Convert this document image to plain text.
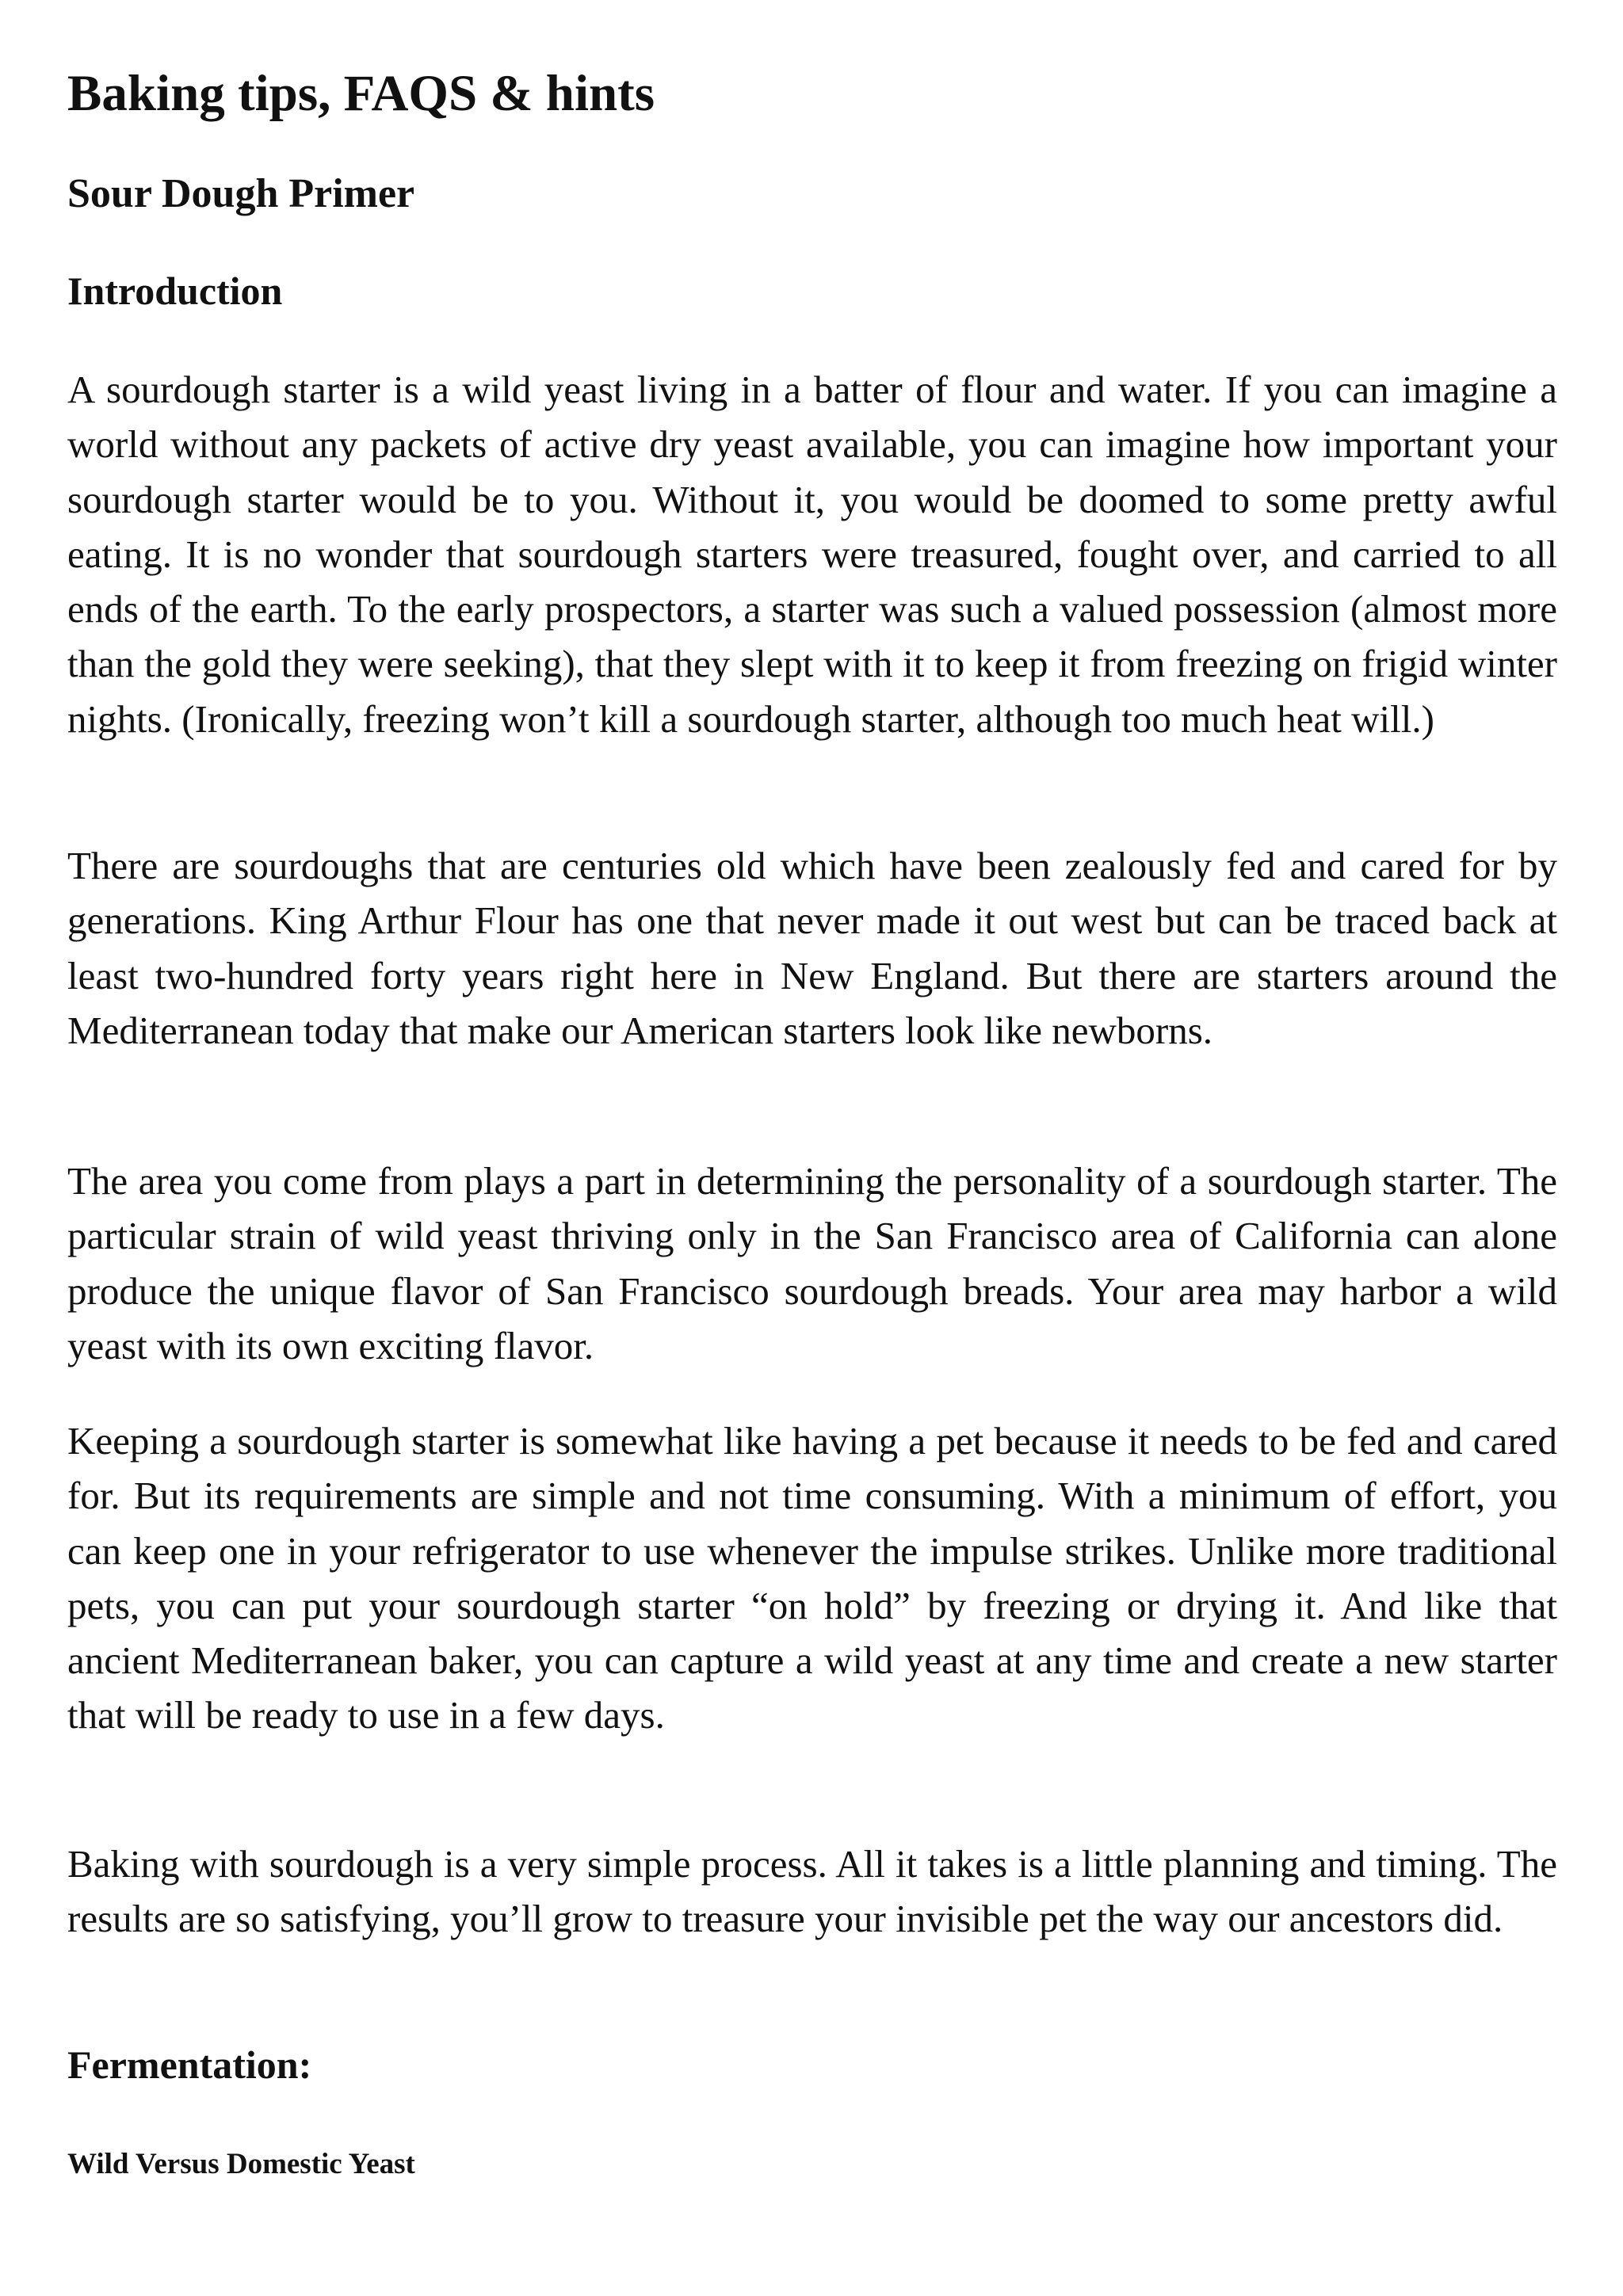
Baking tips, FAQS & hints
Sour Dough Primer
Introduction

A sourdough starter is a wild yeast living in a batter of flour and water. If you can imagine a world without any packets of active dry yeast available, you can imagine how important your sourdough starter would be to you. Without it, you would be doomed to some pretty awful eating. It is no wonder that sourdough starters were treasured, fought over, and carried to all ends of the earth. To the early prospectors, a starter was such a valued possession (almost more than the gold they were seeking), that they slept with it to keep it from freezing on frigid winter nights. (Ironically, freezing won’t kill a sourdough starter, although too much heat will.)

There are sourdoughs that are centuries old which have been zealously fed and cared for by generations. King Arthur Flour has one that never made it out west but can be traced back at least two-hundred forty years right here in New England. But there are starters around the Mediterranean today that make our American starters look like newborns.

The area you come from plays a part in determining the personality of a sourdough starter. The particular strain of wild yeast thriving only in the San Francisco area of California can alone produce the unique flavor of San Francisco sourdough breads. Your area may harbor a wild yeast with its own exciting flavor.

Keeping a sourdough starter is somewhat like having a pet because it needs to be fed and cared for. But its requirements are simple and not time consuming. With a minimum of effort, you can keep one in your refrigerator to use whenever the impulse strikes. Unlike more traditional pets, you can put your sourdough starter “on hold” by freezing or drying it. And like that ancient Mediterranean baker, you can capture a wild yeast at any time and create a new starter that will be ready to use in a few days.

Baking with sourdough is a very simple process. All it takes is a little planning and timing. The results are so satisfying, you’ll grow to treasure your invisible pet the way our ancestors did.

Fermentation:
Wild Versus Domestic Yeast
